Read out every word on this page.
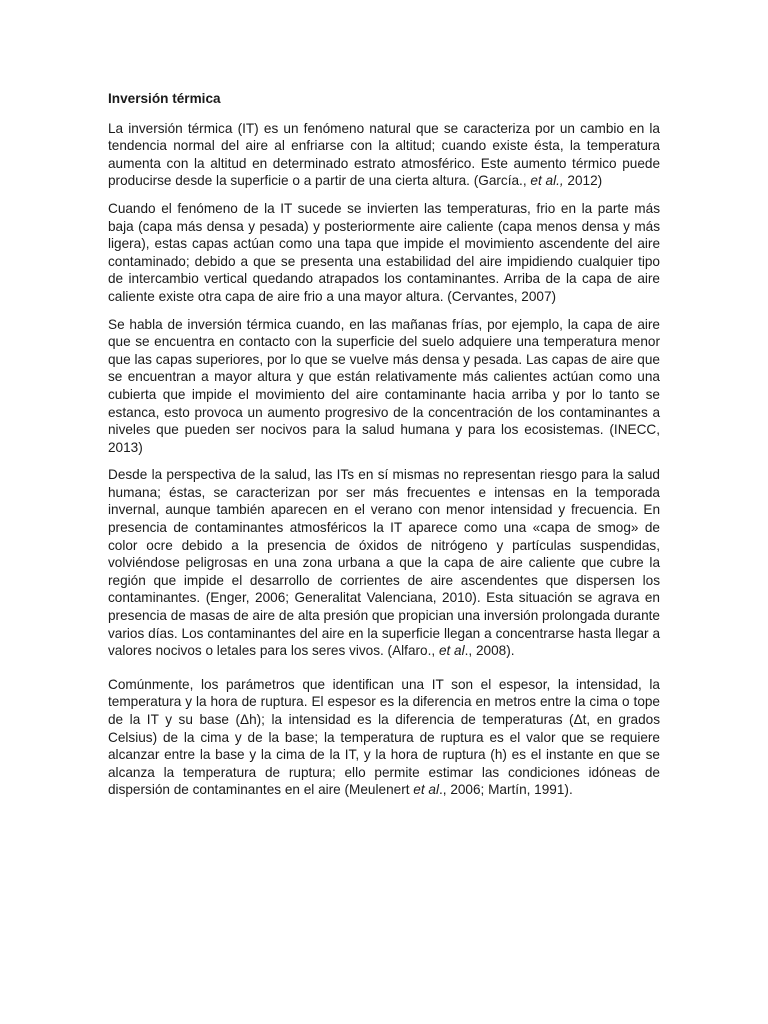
Inversión térmica

La inversión térmica (IT) es un fenómeno natural que se caracteriza por un cambio en la tendencia normal del aire al enfriarse con la altitud; cuando existe ésta, la temperatura aumenta con la altitud en determinado estrato atmosférico. Este aumento térmico puede producirse desde la superficie o a partir de una cierta altura. (García., et al., 2012)

Cuando el fenómeno de la IT sucede se invierten las temperaturas, frio en la parte más baja (capa más densa y pesada) y posteriormente aire caliente (capa menos densa y más ligera), estas capas actúan como una tapa que impide el movimiento ascendente del aire contaminado; debido a que se presenta una estabilidad del aire impidiendo cualquier tipo de intercambio vertical quedando atrapados los contaminantes. Arriba de la capa de aire caliente existe otra capa de aire frio a una mayor altura. (Cervantes, 2007)

Se habla de inversión térmica cuando, en las mañanas frías, por ejemplo, la capa de aire que se encuentra en contacto con la superficie del suelo adquiere una temperatura menor que las capas superiores, por lo que se vuelve más densa y pesada. Las capas de aire que se encuentran a mayor altura y que están relativamente más calientes actúan como una cubierta que impide el movimiento del aire contaminante hacia arriba y por lo tanto se estanca, esto provoca un aumento progresivo de la concentración de los contaminantes a niveles que pueden ser nocivos para la salud humana y para los ecosistemas. (INECC, 2013)

Desde la perspectiva de la salud, las ITs en sí mismas no representan riesgo para la salud humana; éstas, se caracterizan por ser más frecuentes e intensas en la temporada invernal, aunque también aparecen en el verano con menor intensidad y frecuencia. En presencia de contaminantes atmosféricos la IT aparece como una «capa de smog» de color ocre debido a la presencia de óxidos de nitrógeno y partículas suspendidas, volviéndose peligrosas en una zona urbana a que la capa de aire caliente que cubre la región que impide el desarrollo de corrientes de aire ascendentes que dispersen los contaminantes. (Enger, 2006; Generalitat Valenciana, 2010). Esta situación se agrava en presencia de masas de aire de alta presión que propician una inversión prolongada durante varios días. Los contaminantes del aire en la superficie llegan a concentrarse hasta llegar a valores nocivos o letales para los seres vivos. (Alfaro., et al., 2008).

Comúnmente, los parámetros que identifican una IT son el espesor, la intensidad, la temperatura y la hora de ruptura. El espesor es la diferencia en metros entre la cima o tope de la IT y su base (Δh); la intensidad es la diferencia de temperaturas (Δt, en grados Celsius) de la cima y de la base; la temperatura de ruptura es el valor que se requiere alcanzar entre la base y la cima de la IT, y la hora de ruptura (h) es el instante en que se alcanza la temperatura de ruptura; ello permite estimar las condiciones idóneas de dispersión de contaminantes en el aire (Meulenert et al., 2006; Martín, 1991).
